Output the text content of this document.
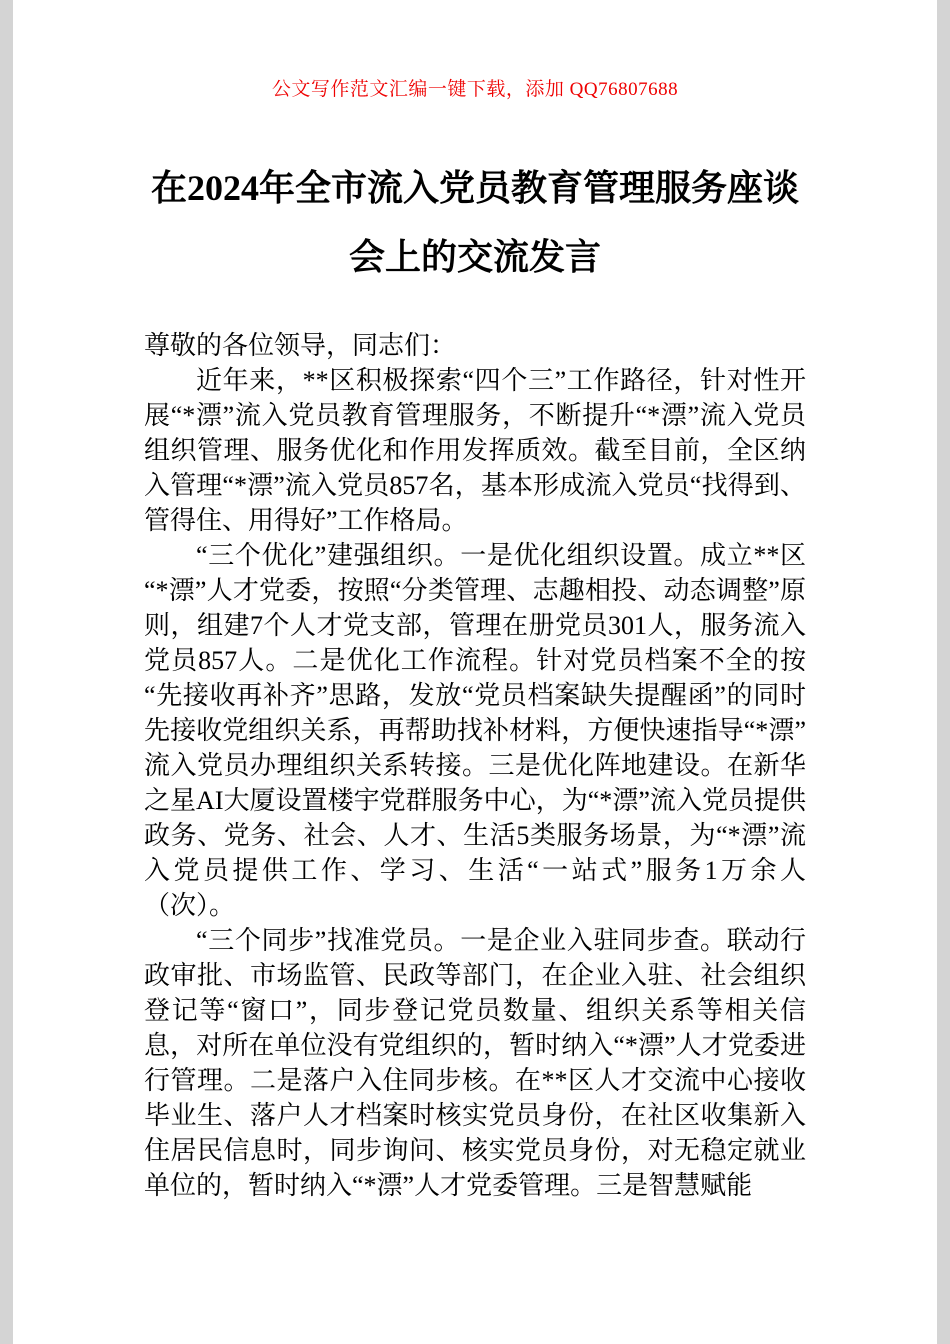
公文写作范文汇编一键下载，添加 QQ76807688
在2024年全市流入党员教育管理服务座谈会上的交流发言

尊敬的各位领导，同志们：

近年来，**区积极探索“四个三”工作路径，针对性开展“*漂”流入党员教育管理服务，不断提升“*漂”流入党员组织管理、服务优化和作用发挥质效。截至目前，全区纳入管理“*漂”流入党员857名，基本形成流入党员“找得到、管得住、用得好”工作格局。

“三个优化”建强组织。一是优化组织设置。成立**区“*漂”人才党委，按照“分类管理、志趣相投、动态调整”原则，组建7个人才党支部，管理在册党员301人，服务流入党员857人。二是优化工作流程。针对党员档案不全的按“先接收再补齐”思路，发放“党员档案缺失提醒函”的同时先接收党组织关系，再帮助找补材料，方便快速指导“*漂”流入党员办理组织关系转接。三是优化阵地建设。在新华之星AI大厦设置楼宇党群服务中心，为“*漂”流入党员提供政务、党务、社会、人才、生活5类服务场景，为“*漂”流入党员提供工作、学习、生活“一站式”服务1万余人（次）。

“三个同步”找准党员。一是企业入驻同步查。联动行政审批、市场监管、民政等部门，在企业入驻、社会组织登记等“窗口”，同步登记党员数量、组织关系等相关信息，对所在单位没有党组织的，暂时纳入“*漂”人才党委进行管理。二是落户入住同步核。在**区人才交流中心接收毕业生、落户人才档案时核实党员身份，在社区收集新入住居民信息时，同步询问、核实党员身份，对无稳定就业单位的，暂时纳入“*漂”人才党委管理。三是智慧赋能
